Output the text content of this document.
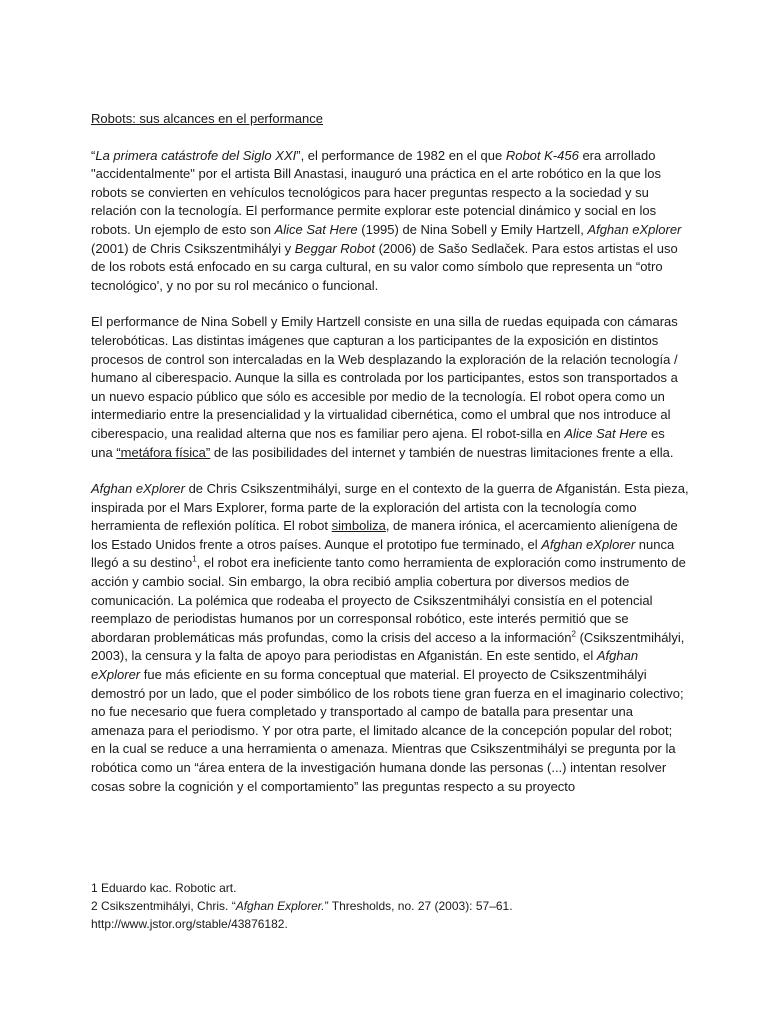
Robots: sus alcances en el performance

“La primera catástrofe del Siglo XXI”, el performance de 1982 en el que Robot K-456 era arrollado "accidentalmente" por el artista Bill Anastasi, inauguró una práctica en el arte robótico en la que los robots se convierten en vehículos tecnológicos para hacer preguntas respecto a la sociedad y su relación con la tecnología. El performance permite explorar este potencial dinámico y social en los robots. Un ejemplo de esto son Alice Sat Here (1995) de Nina Sobell y Emily Hartzell, Afghan eXplorer (2001) de Chris Csikszentmihályi y Beggar Robot (2006) de Sašo Sedlaček. Para estos artistas el uso de los robots está enfocado en su carga cultural, en su valor como símbolo que representa un “otro tecnológico', y no por su rol mecánico o funcional.

El performance de Nina Sobell y Emily Hartzell consiste en una silla de ruedas equipada con cámaras telerobóticas. Las distintas imágenes que capturan a los participantes de la exposición en distintos procesos de control son intercaladas en la Web desplazando la exploración de la relación tecnología / humano al ciberespacio. Aunque la silla es controlada por los participantes, estos son transportados a un nuevo espacio público que sólo es accesible por medio de la tecnología. El robot opera como un intermediario entre la presencialidad y la virtualidad cibernética, como el umbral que nos introduce al ciberespacio, una realidad alterna que nos es familiar pero ajena. El robot-silla en Alice Sat Here es una “metáfora física” de las posibilidades del internet y también de nuestras limitaciones frente a ella.

Afghan eXplorer de Chris Csikszentmihályi, surge en el contexto de la guerra de Afganistán. Esta pieza, inspirada por el Mars Explorer, forma parte de la exploración del artista con la tecnología como herramienta de reflexión política. El robot simboliza, de manera irónica, el acercamiento alienígena de los Estado Unidos frente a otros países. Aunque el prototipo fue terminado, el Afghan eXplorer nunca llegó a su destino$^1$, el robot era ineficiente tanto como herramienta de exploración como instrumento de acción y cambio social. Sin embargo, la obra recibió amplia cobertura por diversos medios de comunicación. La polémica que rodeaba el proyecto de Csikszentmihályi consistía en el potencial reemplazo de periodistas humanos por un corresponsal robótico, este interés permitió que se abordaran problemáticas más profundas, como la crisis del acceso a la información$^2$ (Csikszentmihályi, 2003), la censura y la falta de apoyo para periodistas en Afganistán. En este sentido, el Afghan eXplorer fue más eficiente en su forma conceptual que material. El proyecto de Csikszentmihályi demostró por un lado, que el poder simbólico de los robots tiene gran fuerza en el imaginario colectivo; no fue necesario que fuera completado y transportado al campo de batalla para presentar una amenaza para el periodismo. Y por otra parte, el limitado alcance de la concepción popular del robot; en la cual se reduce a una herramienta o amenaza. Mientras que Csikszentmihályi se pregunta por la robótica como un “área entera de la investigación humana donde las personas (...) intentan resolver cosas sobre la cognición y el comportamiento” las preguntas respecto a su proyecto

1 Eduardo kac. Robotic art.

2 Csikszentmihályi, Chris. “Afghan Explorer.” Thresholds, no. 27 (2003): 57–61.

http://www.jstor.org/stable/43876182.
